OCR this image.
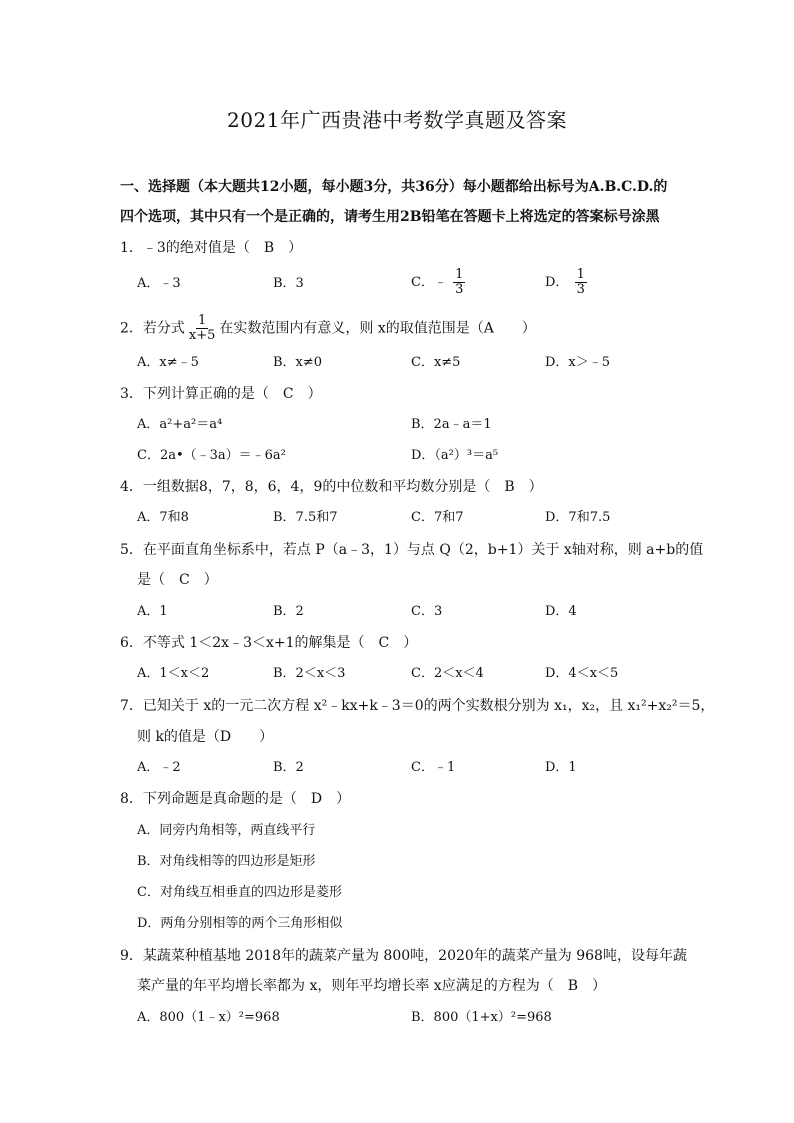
2021年广西贵港中考数学真题及答案
一、选择题（本大题共12小题，每小题3分，共36分）每小题都给出标号为A.B.C.D.的
四个选项，其中只有一个是正确的，请考生用2B铅笔在答题卡上将选定的答案标号涂黑
1．﹣3的绝对值是（　B　）
A．﹣3	B．3	C．﹣ $\frac{1}{3}$	D． $\frac{1}{3}$
2．若分式 $\frac{1}{x+5}$ 在实数范围内有意义，则 x的取值范围是（A　　）
A．x≠﹣5	B．x≠0	C．x≠5	D．x＞﹣5
3．下列计算正确的是（　C　）
A．a²+a²＝a⁴	B．2a﹣a＝1
C．2a•（﹣3a）＝﹣6a²	D．（a²）³＝a⁵
4．一组数据8，7，8，6，4，9的中位数和平均数分别是（　B　）
A．7和8	B．7.5和7	C．7和7	D．7和7.5
5．在平面直角坐标系中，若点 P（a﹣3，1）与点 Q（2，b+1）关于 x轴对称，则 a+b的值
是（　C　）
A．1	B．2	C．3	D．4
6．不等式 1＜2x﹣3＜x+1的解集是（　C　）
A．1＜x＜2	B．2＜x＜3	C．2＜x＜4	D．4＜x＜5
7．已知关于 x的一元二次方程 x²﹣kx+k﹣3＝0的两个实数根分别为 x₁，x₂，且 x₁²+x₂²＝5，
则 k的值是（D　　）
A．﹣2	B．2	C．﹣1	D．1
8．下列命题是真命题的是（　D　）
A．同旁内角相等，两直线平行
B．对角线相等的四边形是矩形
C．对角线互相垂直的四边形是菱形
D．两角分别相等的两个三角形相似
9．某蔬菜种植基地 2018年的蔬菜产量为 800吨，2020年的蔬菜产量为 968吨，设每年蔬
菜产量的年平均增长率都为 x，则年平均增长率 x应满足的方程为（　B　）
A．800（1﹣x）²=968	B．800（1+x）²=968
